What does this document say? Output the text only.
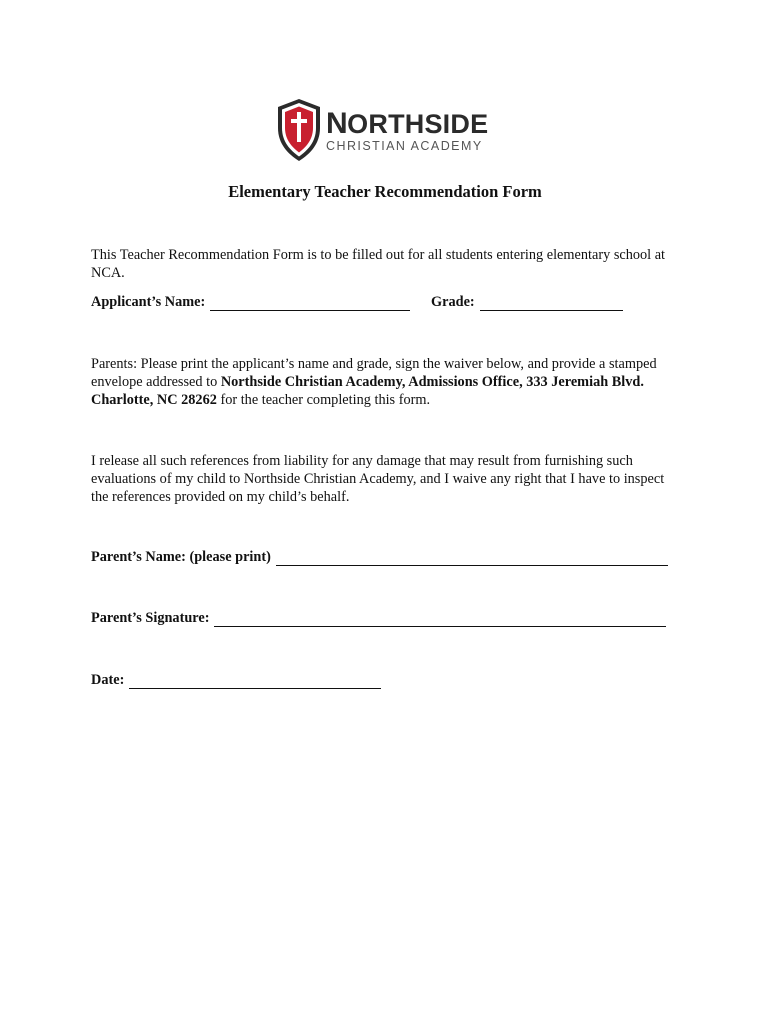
NORTHSIDE
CHRISTIAN ACADEMY
Elementary Teacher Recommendation Form
This Teacher Recommendation Form is to be filled out for all students entering elementary school at NCA.
Applicant’s Name:	Grade:
Parents: Please print the applicant’s name and grade, sign the waiver below, and provide a stamped envelope addressed to Northside Christian Academy, Admissions Office, 333 Jeremiah Blvd. Charlotte, NC 28262 for the teacher completing this form.
I release all such references from liability for any damage that may result from furnishing such evaluations of my child to Northside Christian Academy, and I waive any right that I have to inspect the references provided on my child’s behalf.
Parent’s Name: (please print)
Parent’s Signature:
Date:
